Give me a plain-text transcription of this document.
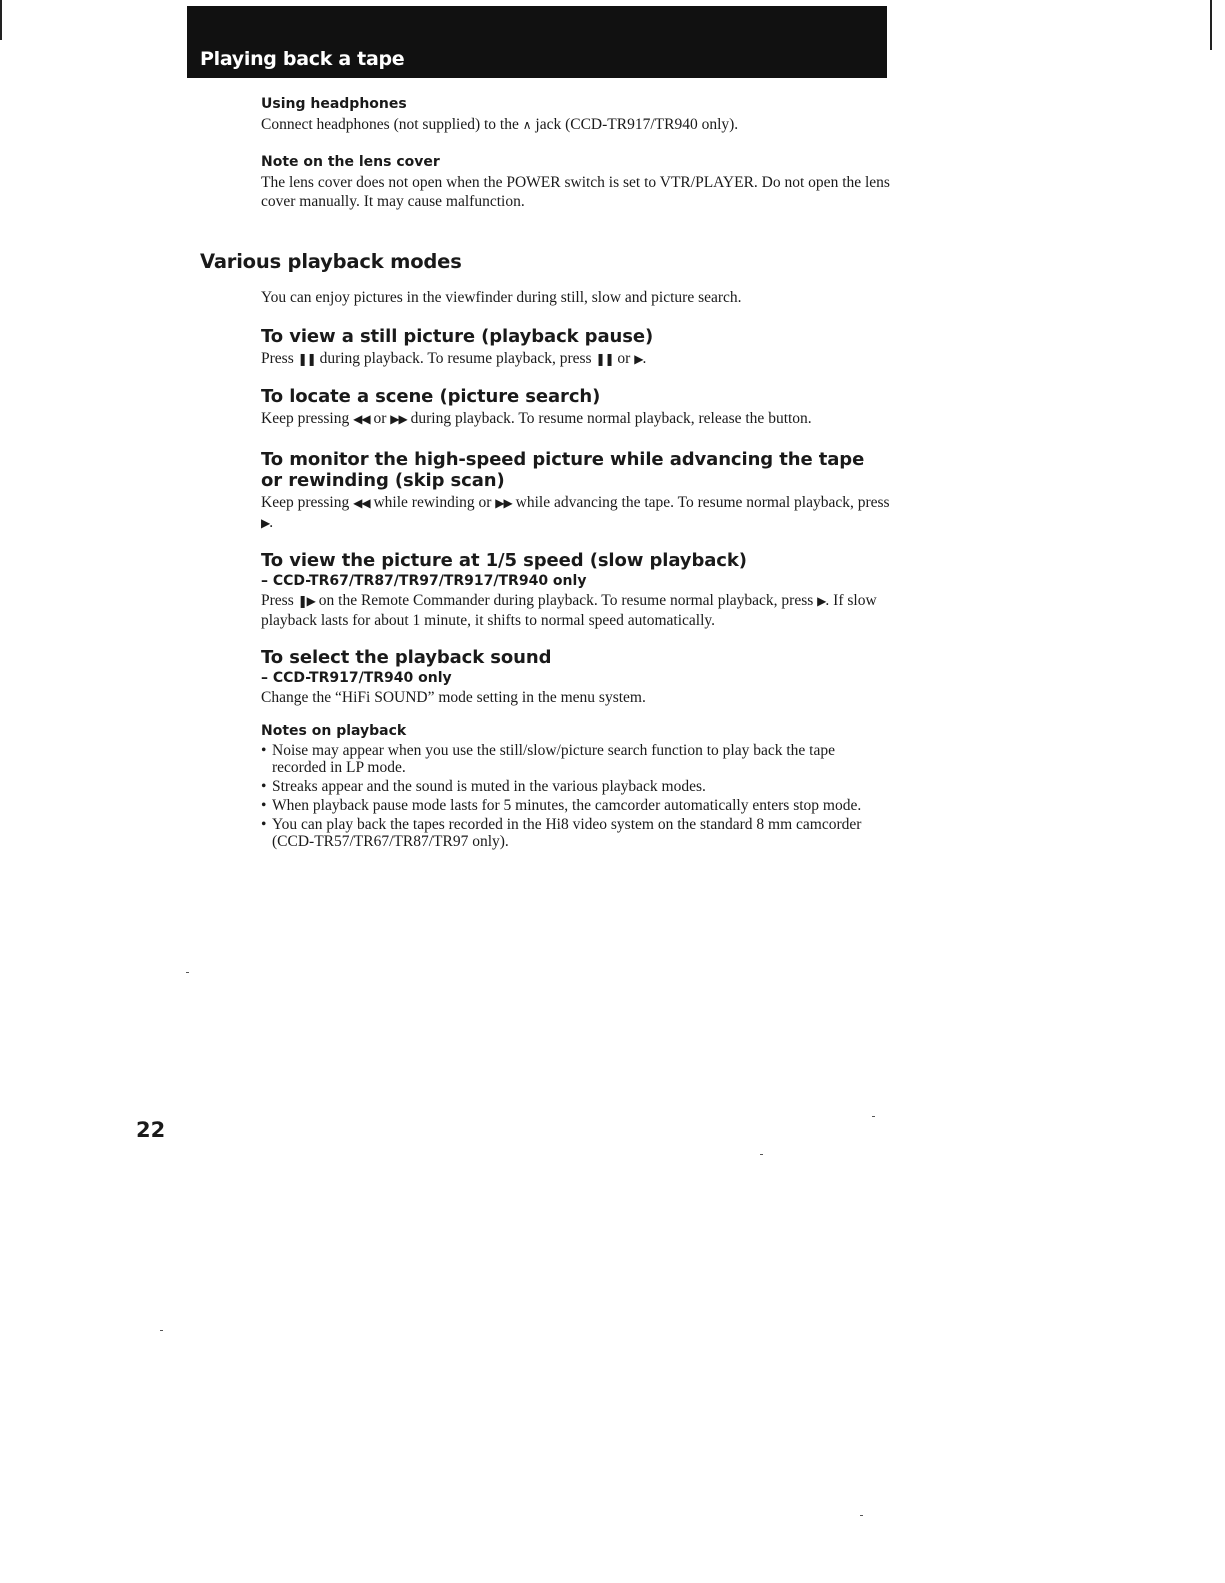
Playing back a tape
Using headphones

Connect headphones (not supplied) to the ∧ jack (CCD-TR917/TR940 only).

Note on the lens cover

The lens cover does not open when the POWER switch is set to VTR/PLAYER. Do not open the lens cover manually. It may cause malfunction.

Various playback modes

You can enjoy pictures in the viewfinder during still, slow and picture search.

To view a still picture (playback pause)

Press ❚❚ during playback. To resume playback, press ❚❚ or ▶.

To locate a scene (picture search)

Keep pressing ◀◀ or ▶▶ during playback. To resume normal playback, release the button.

To monitor the high-speed picture while advancing the tape or rewinding (skip scan)

Keep pressing ◀◀ while rewinding or ▶▶ while advancing the tape. To resume normal playback, press ▶.

To view the picture at 1/5 speed (slow playback)
– CCD-TR67/TR87/TR97/TR917/TR940 only

Press ❚▶ on the Remote Commander during playback. To resume normal playback, press ▶. If slow playback lasts for about 1 minute, it shifts to normal speed automatically.

To select the playback sound
– CCD-TR917/TR940 only

Change the “HiFi SOUND” mode setting in the menu system.

Notes on playback
• Noise may appear when you use the still/slow/picture search function to play back the tape recorded in LP mode.
• Streaks appear and the sound is muted in the various playback modes.
• When playback pause mode lasts for 5 minutes, the camcorder automatically enters stop mode.
• You can play back the tapes recorded in the Hi8 video system on the standard 8 mm camcorder (CCD-TR57/TR67/TR87/TR97 only).
22
